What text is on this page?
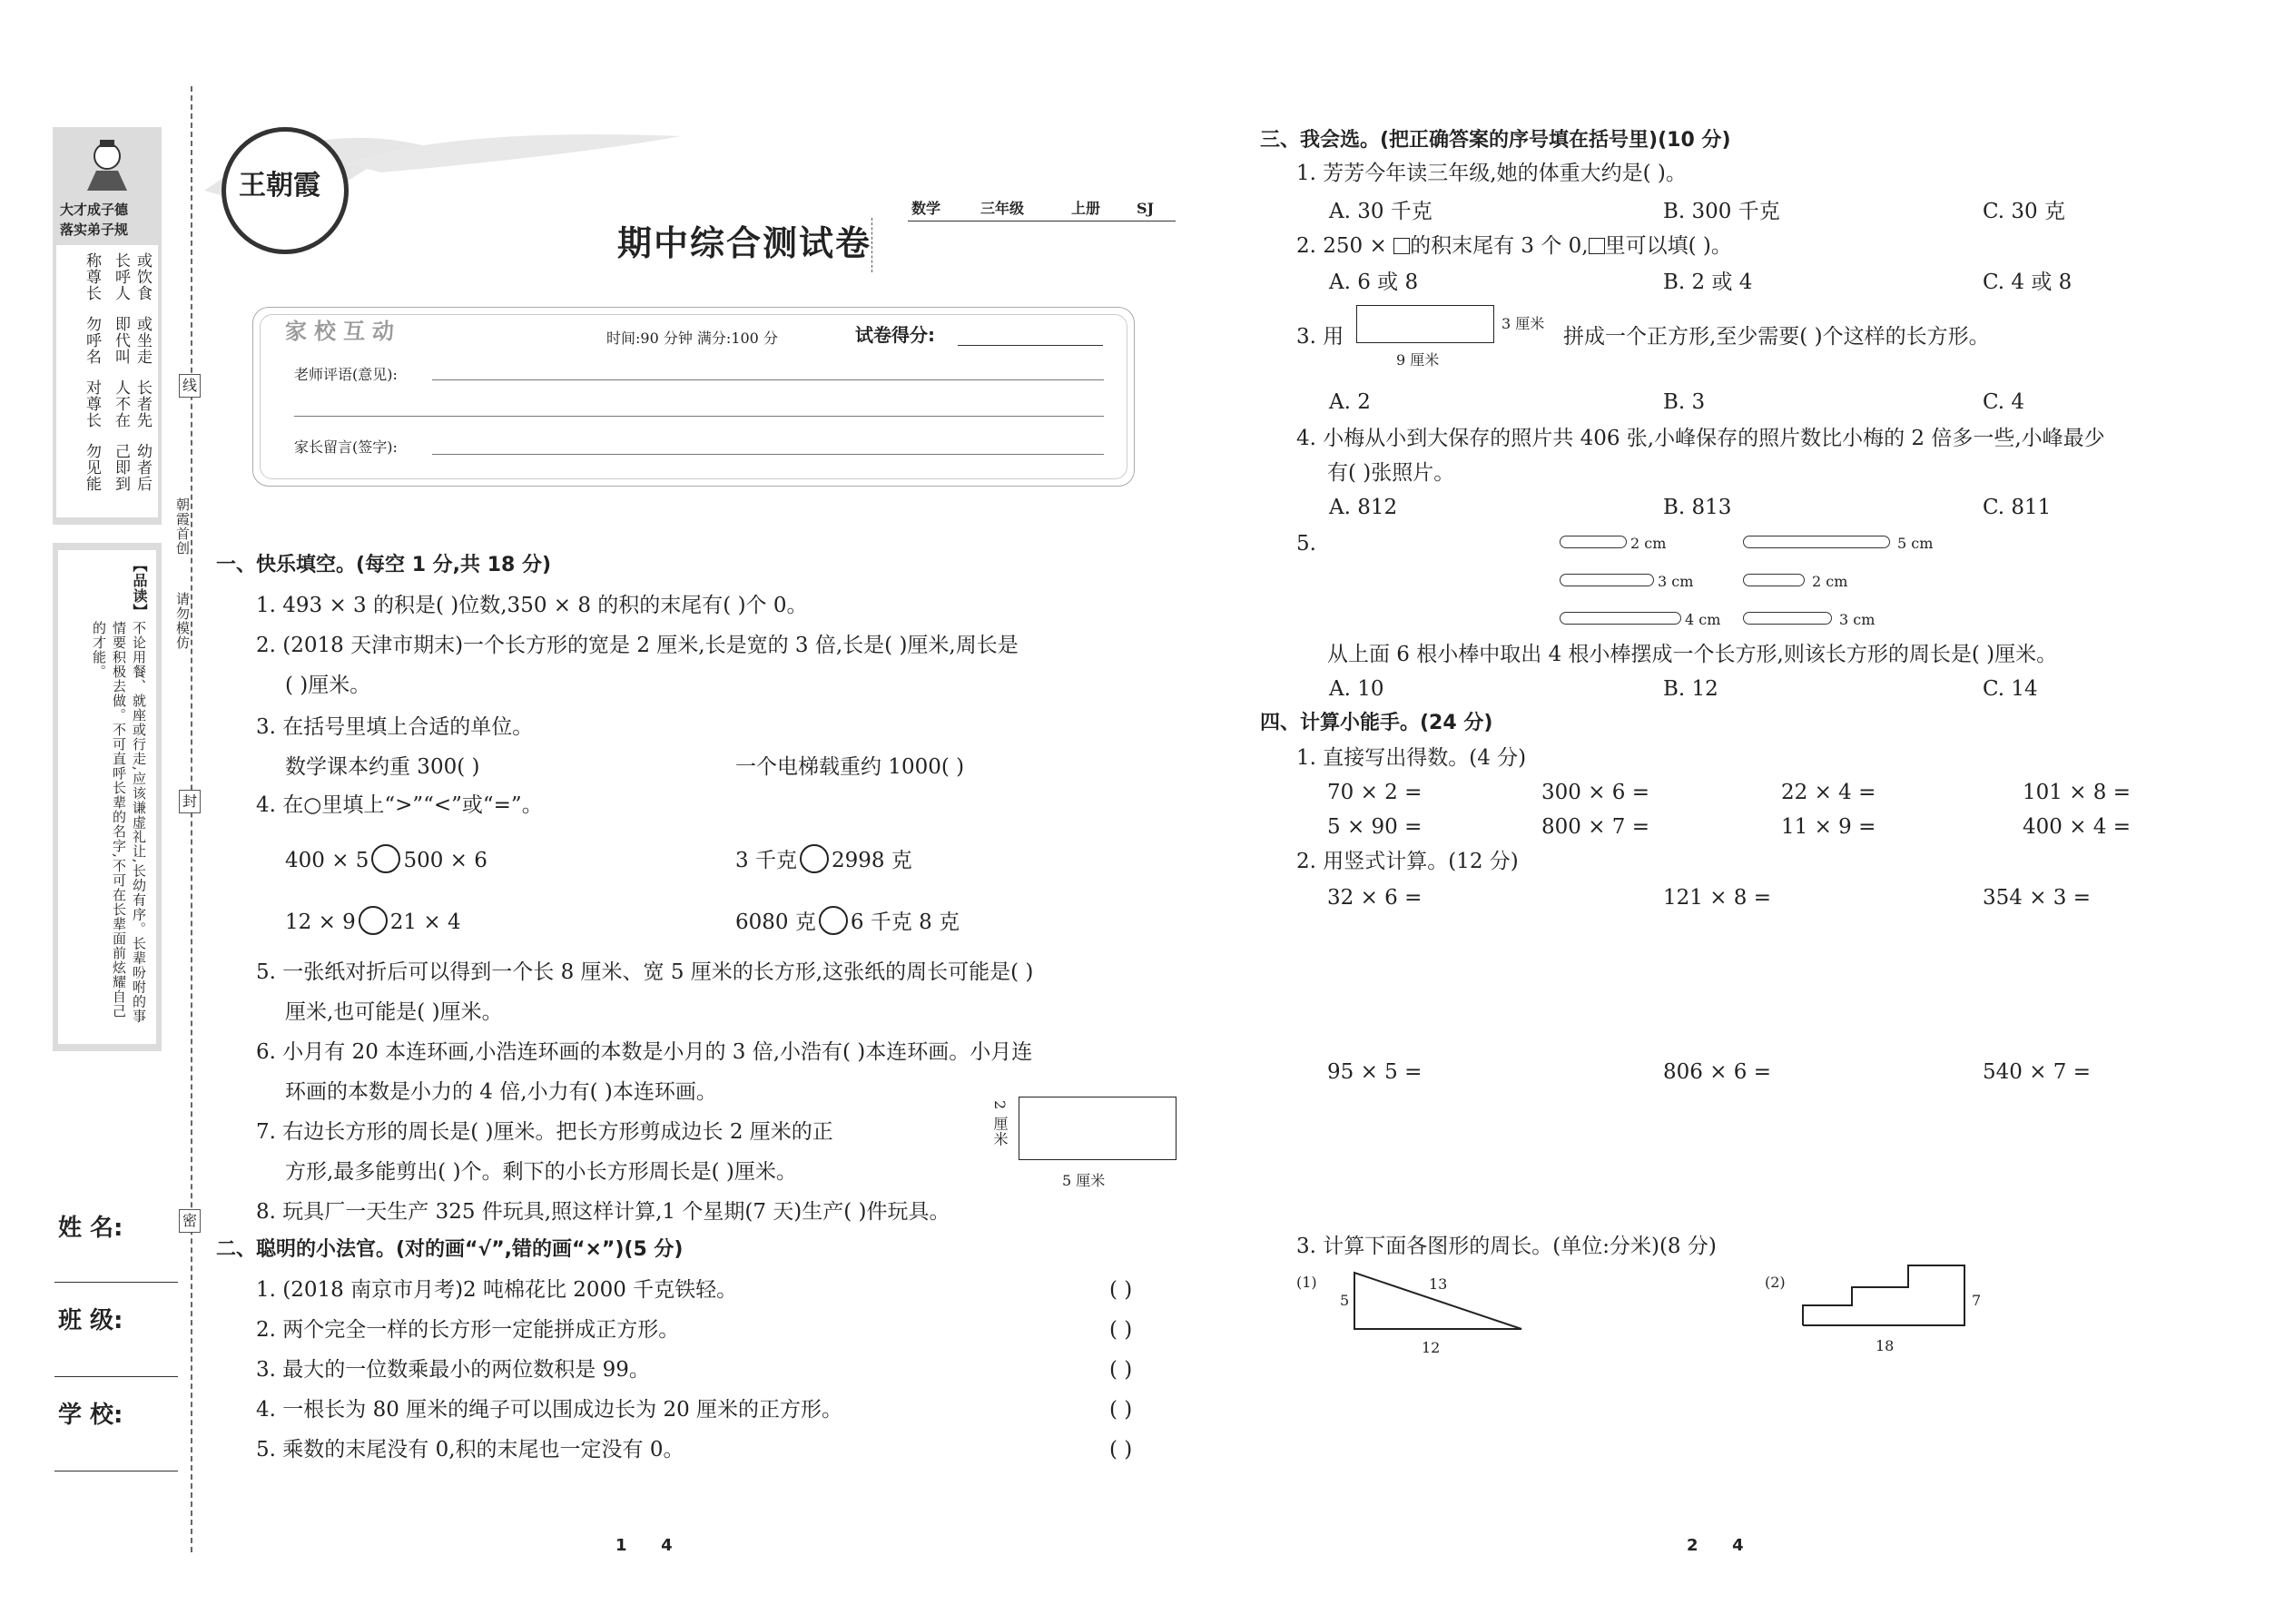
大才成子德
落实弟子规
或饮食
或坐走
长者先
幼者后
长呼人
即代叫
人不在
己即到
称尊长
勿呼名
对尊长
勿见能
【品读】
不论用餐、就座或行走,应该谦虚礼让,长幼有序。长辈吩咐的事情要积极去做。不可直呼长辈的名字,不可在长辈面前炫耀自己的才能。
姓 名:
班 级:
学 校:
线
封
密
朝霞首创
请勿模仿
王朝霞
数学	三年级	上册 SJ
期中综合测试卷
家校互动	时间:90 分钟 满分:100 分	试卷得分:
老师评语(意见):
家长留言(签字):
一、快乐填空。(每空 1 分,共 18 分)
1. 493 × 3 的积是( )位数,350 × 8 的积的末尾有( )个 0。
2. (2018 天津市期末)一个长方形的宽是 2 厘米,长是宽的 3 倍,长是( )厘米,周长是
( )厘米。
3. 在括号里填上合适的单位。
数学课本约重 300( )	一个电梯载重约 1000( )
4. 在○里填上“>”“<”或“=”。
400 × 5 500 × 6	3 千克 2998 克
12 × 9 21 × 4	6080 克 6 千克 8 克
5. 一张纸对折后可以得到一个长 8 厘米、宽 5 厘米的长方形,这张纸的周长可能是( )
厘米,也可能是( )厘米。
6. 小月有 20 本连环画,小浩连环画的本数是小月的 3 倍,小浩有( )本连环画。小月连
环画的本数是小力的 4 倍,小力有( )本连环画。
7. 右边长方形的周长是( )厘米。把长方形剪成边长 2 厘米的正
方形,最多能剪出( )个。剩下的小长方形周长是( )厘米。
2 厘米
5 厘米
8. 玩具厂一天生产 325 件玩具,照这样计算,1 个星期(7 天)生产( )件玩具。
二、聪明的小法官。(对的画“√”,错的画“×”)(5 分)
1. (2018 南京市月考)2 吨棉花比 2000 千克铁轻。
2. 两个完全一样的长方形一定能拼成正方形。
3. 最大的一位数乘最小的两位数积是 99。
4. 一根长为 80 厘米的绳子可以围成边长为 20 厘米的正方形。
5. 乘数的末尾没有 0,积的末尾也一定没有 0。
( )
( )
( )
( )
( )
1      4
三、我会选。(把正确答案的序号填在括号里)(10 分)
1. 芳芳今年读三年级,她的体重大约是( )。
A. 30 千克	B. 300 千克	C. 30 克
2. 250 × 的积末尾有 3 个 0, 里可以填( )。
A. 6 或 8	B. 2 或 4	C. 4 或 8
3. 用
3 厘米
9 厘米
拼成一个正方形,至少需要( )个这样的长方形。
A. 2	B. 3	C. 4
4. 小梅从小到大保存的照片共 406 张,小峰保存的照片数比小梅的 2 倍多一些,小峰最少
有( )张照片。
A. 812	B. 813	C. 811
5.	2 cm
3 cm
4 cm
5 cm
2 cm
3 cm
从上面 6 根小棒中取出 4 根小棒摆成一个长方形,则该长方形的周长是( )厘米。
A. 10	B. 12	C. 14
四、计算小能手。(24 分)
1. 直接写出得数。(4 分)
70 × 2 =	300 × 6 =	22 × 4 =	101 × 8 =
5 × 90 =	800 × 7 =	11 × 9 =	400 × 4 =
2. 用竖式计算。(12 分)
32 × 6 =	121 × 8 =	354 × 3 =
95 × 5 =	806 × 6 =	540 × 7 =
3. 计算下面各图形的周长。(单位:分米)(8 分)
(1)
5
13
12
(2)
7
18
2      4
